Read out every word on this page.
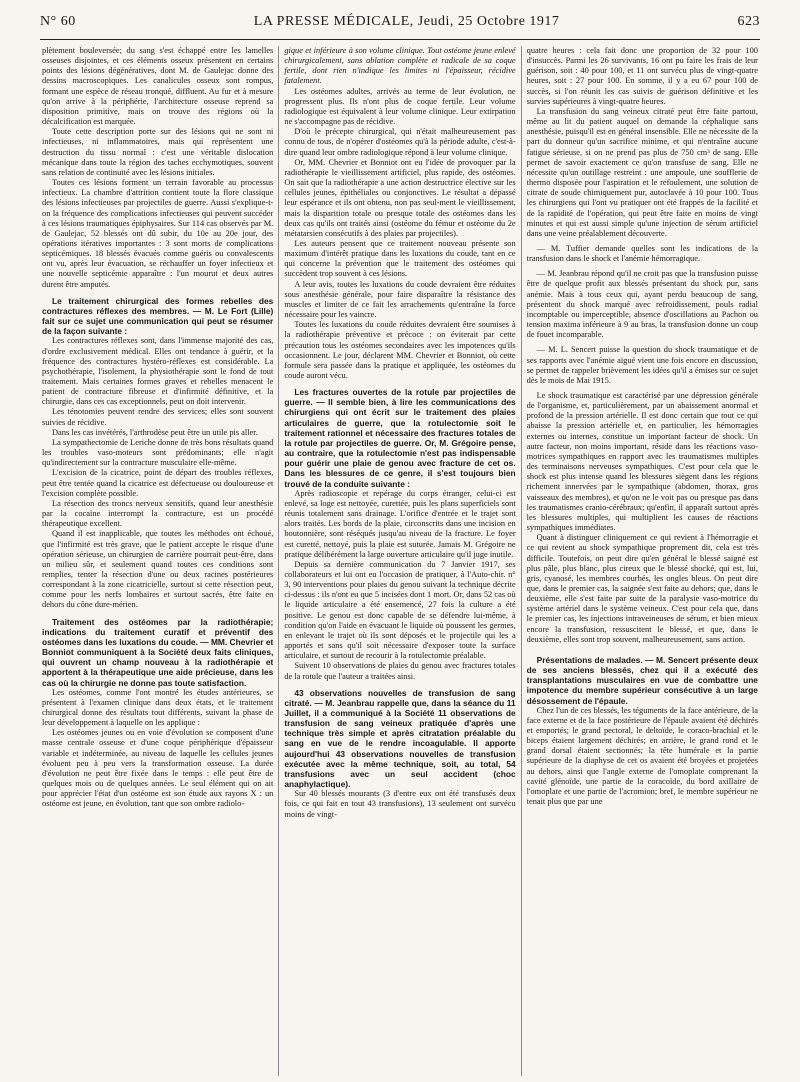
N° 60	LA PRESSE MÉDICALE, Jeudi, 25 Octobre 1917	623

plètement bouleversée; du sang s'est échappé entre les lamelles osseuses disjointes, et ces éléments osseux présentent en certains points des lésions dégénératives, dont M. de Gaulejac donne des dessins macroscopiques. Les canalicules osseux sont rompus, formant une espèce de réseau tronqué, diffluent. Au fur et à mesure qu'on arrive à la périphérie, l'architecture osseuse reprend sa disposition primitive, mais on trouve des régions où la décalcification est marquée.

Toute cette description porte sur des lésions qui ne sont ni infectieuses, ni inflammatoires, mais qui représentent une destruction du tissu normal : c'est une véritable dislocation mécanique dans toute la région des taches ecchymotiques, souvent sans relation de continuité avec les lésions initiales.

Toutes ces lésions forment un terrain favorable au processus infectieux. La chambre d'attrition contient toute la flore classique des lésions infectieuses par projectiles de guerre. Aussi s'explique-t-on la fréquence des complications infectieuses qui peuvent succéder à ces lésions traumatiques épiphysaires. Sur 114 cas observés par M. de Gaulejac, 52 blessés ont dû subir, du 10e au 20e jour, des opérations itératives importantes : 3 sont morts de complications septicémiques. 18 blessés évacués comme guéris ou convalescents ont vu, après leur évacuation, se réchauffer un foyer infectieux et une nouvelle septicémie apparaître : l'un mourut et deux autres durent être amputés.

Le traitement chirurgical des formes rebelles des contractures réflexes des membres. — M. Le Fort (Lille) fait sur ce sujet une communication qui peut se résumer de la façon suivante :

Les contractures réflexes sont, dans l'immense majorité des cas, d'ordre exclusivement médical. Elles ont tendance à guérir, et la fréquence des contractures hystéro-réflexes est considérable. La psychothérapie, l'isolement, la physiothérapie sont le fond de tout traitement. Mais certaines formes graves et rebelles menacent le patient de contracture fibreuse et d'infirmité définitive, et la chirurgie, dans ces cas exceptionnels, peut on doit intervenir.

Les ténotomies peuvent rendre des services; elles sont souvent suivies de récidive.

Dans les cas invétérés, l'arthrodèse peut être un utile pis aller.

La sympathectomie de Leriche donne de très bons résultats quand les troubles vaso-moteurs sont prédominants; elle n'agit qu'indirectement sur la contracture musculaire elle-même.

L'excision de la cicatrice, point de départ des troubles réflexes, peut être tentée quand la cicatrice est défectueuse ou douloureuse et l'excision complète possible.

La résection des troncs nerveux sensitifs, quand leur anesthésie par la cocaïne interrompt la contracture, est un procédé thérapeutique excellent.

Quand il est inapplicable, que toutes les méthodes ont échoué, que l'infirmité est très grave, que le patient accepte le risque d'une opération sérieuse, un chirurgien de carrière pourrait peut-être, dans un milieu sûr, et seulement quand toutes ces conditions sont remplies, tenter la résection d'une ou deux racines postérieures correspondant à la zone cicatricielle, surtout si cette résection peut, comme pour les nerfs lombaires et surtout sacrés, être faite en dehors du cône dure-mérien.

Traitement des ostéomes par la radiothérapie; indications du traitement curatif et préventif des ostéomes dans les luxations du coude. — MM. Chevrier et Bonniot communiquent à la Société deux faits cliniques, qui ouvrent un champ nouveau à la radiothérapie et apportent à la thérapeutique une aide précieuse, dans les cas où la chirurgie ne donne pas toute satisfaction.

Les ostéomes, comme l'ont montré les études antérieures, se présentent à l'examen clinique dans deux états, et le traitement chirurgical donne des résultats tout différents, suivant la phase de leur développement à laquelle on les applique :

Les ostéomes jeunes ou en voie d'évolution se composent d'une masse centrale osseuse et d'une coque périphérique d'épaisseur variable et indéterminée, au niveau de laquelle les cellules jeunes évoluent peu à peu vers la transformation osseuse. La durée d'évolution ne peut être fixée dans le temps : elle peut être de quelques mois ou de quelques années. Le seul élément qui on ait pour apprécier l'état d'un ostéome est son étude aux rayons X : un ostéome est jeune, en évolution, tant que son ombre radiolo-

gique et inférieure à son volume clinique. Tout ostéome jeune enlevé chirurgicalement, sans ablation complète et radicale de sa coque fertile, dont rien n'indique les limites ni l'épaisseur, récidive fatalement.

Les ostéomes adultes, arrivés au terme de leur évolution, ne progressent plus. Ils n'ont plus de coque fertile. Leur volume radiologique est équivalent à leur volume clinique. Leur extirpation ne s'accompagne pas de récidive.

D'où le précepte chirurgical, qui n'était malheureusement pas connu de tous, de n'opérer d'ostéomes qu'à la période adulte, c'est-à-dire quand leur ombre radiologique répond à leur volume clinique.

Or, MM. Chevrier et Bonniot ont eu l'idée de provoquer par la radiothérapie le vieillissement artificiel, plus rapide, des ostéomes. On sait que la radiothérapie a une action destructrice élective sur les cellules jeunes, épithéliales ou conjonctives. Le résultat a dépassé leur espérance et ils ont obtenu, non pas seul-ment le vieillissement, mais la disparition totale ou presque totale des ostéomes dans les deux cas qu'ils ont traités ainsi (ostéome du fémur et ostéome du 2e métatarsien consécutifs à des plaies par projectiles).

Les auteurs pensent que ce traitement nouveau présente son maximum d'intérêt pratique dans les luxations du coude, tant en ce qui concerne la prévention que le traitement des ostéomes qui succèdent trop souvent à ces lésions.

A leur avis, toutes les luxations du coude devraient être réduites sous anesthésie générale, pour faire disparaître la résistance des muscles et limiter de ce fait les arrachements qu'entraîne la force nécessaire pour les vaincre.

Toutes les luxations du coude réduites devraient être soumises à la radiothérapie préventive et précoce : on éviterait par cette précaution tous les ostéomes secondaires avec les impotences qu'ils occasionnent. Le jour, déclarent MM. Chevrier et Bonniot, où cette formule sera passée dans la pratique et appliquée, les ostéomes du coude auront vécu.

Les fractures ouvertes de la rotule par projectiles de guerre. — Il semble bien, à lire les communications des chirurgiens qui ont écrit sur le traitement des plaies articulaires de guerre, que la rotulectomie soit le traitement rationnel et nécessaire des fractures totales de la rotule par projectiles de guerre. Or, M. Grégoire pense, au contraire, que la rotulectomie n'est pas indispensable pour guérir une plaie de genou avec fracture de cet os. Dans les blessures de ce genre, il s'est toujours bien trouvé de la conduite suivante :

Après radioscopie et repérage du corps étranger, celui-ci est enlevé, sa loge est nettoyée, curettée, puis les plans superficiels sont réunis totalement sans drainage. L'orifice d'entrée et le trajet sont alors traités. Les bords de la plaie, circonscrits dans une incision en boutonnière, sont réséqués jusqu'au niveau de la fracture. Le foyer est curetté, nettoyé, puis la plaie est suturée. Jamais M. Grégoire ne pratique délibérément la large ouverture articulaire qu'il juge inutile.

Depuis sa dernière communication du 7 Janvier 1917, ses collaborateurs et lui ont eu l'occasion de pratiquer, à l'Auto-chir. n° 3, 90 interventions pour plaies du genou suivant la technique décrite ci-dessus : ils n'ont eu que 5 incisées dont 1 mort. Or, dans 52 cas où le liquide articulaire a été ensemencé, 27 fois la culture a été positive. Le genou est donc capable de se défendre lui-même, à condition qu'on l'aide en évacuant le liquide où poussent les germes, en enlevant le trajet où ils sont déposés et le projectile qui les a apportés et sans qu'il soit nécessaire d'exposer toute la surface articulaire, et surtout de recourir à la rotulectomie préalable.

Suivent 10 observations de plaies du genou avec fractures totales de la rotule que l'auteur a traitées ainsi.

43 observations nouvelles de transfusion de sang citraté. — M. Jeanbrau rappelle que, dans la séance du 11 Juillet, il a communiqué à la Société 11 observations de transfusion de sang veineux pratiquée d'après une technique très simple et après citratation préalable du sang en vue de le rendre incoagulable. Il apporte aujourd'hui 43 observations nouvelles de transfusion exécutée avec la même technique, soit, au total, 54 transfusions avec un seul accident (choc anaphylactique).

Sur 40 blessés mourants (3 d'entre eux ont été transfusés deux fois, ce qui fait en tout 43 transfusions), 13 seulement ont survécu moins de vingt-

quatre heures : cela fait donc une proportion de 32 pour 100 d'insuccès. Parmi les 26 survivants, 16 ont pu faire les frais de leur guérison, soit : 40 pour 100, et 11 ont survécu plus de vingt-quatre heures, soit : 27 pour 100. En somme, il y a eu 67 pour 100 de succès, si l'on réunit les cas suivis de guérison définitive et les survies supérieures à vingt-quatre heures.

La transfusion du sang veineux citraté peut être faite partout, même au lit du patient auquel on demande la céphalique sans anesthésie, puisqu'il est en général insensible. Elle ne nécessite de la part du donneur qu'un sacrifice minime, et qui n'entraîne aucune fatigue sérieuse, si on ne prend pas plus de 750 cm³ de sang. Elle permet de savoir exactement ce qu'on transfuse de sang. Elle ne nécessite qu'un outillage restreint : une ampoule, une soufflerie de thermo disposée pour l'aspiration et le refoulement, une solution de citrate de soude chimiquement pur, autoclavée à 10 pour 100. Tous les chirurgiens qui l'ont vu pratiquer ont été frappés de la facilité et de la rapidité de l'opération, qui peut être faite en moins de vingt minutes et qui est aussi simple qu'une injection de sérum artificiel dans une veine préalablement découverte.

— M. Tuffier demande quelles sont les indications de la transfusion dans le shock et l'anémie hémorragique.

— M. Jeanbrau répond qu'il ne croit pas que la transfusion puisse être de quelque profit aux blessés présentant du shock pur, sans anémie. Mais à tous ceux qui, ayant perdu beaucoup de sang, présentent du shock marqué avec refroidissement, pouls radial incomptable ou imperceptible, absence d'oscillations au Pachon ou tension maxima inférieure à 9 au bras, la transfusion donne un coup de fouet incomparable.

— M. L. Sencert puisse la question du shock traumatique et de ses rapports avec l'anémie aigué vient une fois encore en discussion, se permet de rappeler brièvement les idées qu'il a émises sur ce sujet dès le mois de Mai 1915.

Le shock traumatique est caractérisé par une dépression générale de l'organisme, et, particulièrement, par un abaissement anormal et profond de la pression artérielle. Il est donc certain que tout ce qui abaisse la pression artérielle et, en particulier, les hémorragies externes ou internes, constitue un important facteur de shock. Un autre facteur, non moins important, réside dans les réactions vaso-motrices sympathiques en rapport avec les traumatismes multiples des terminaisons nerveuses sympathiques. C'est pour cela que le shock est plus intense quand les blessures siègent dans les régions richement innervées par le sympathique (abdomen, thorax, gros vaisseaux des membres), et qu'on ne le voit pas ou presque pas dans les traumatismes cranio-cérébraux; qu'enfin, il apparaît surtout après les blessures multiples, qui multiplient les causes de réactions sympathiques immédiates.

Quant à distinguer cliniquement ce qui revient à l'hémorragie et ce qui revient au shock sympathique proprement dit, cela est très difficile. Toutefois, on peut dire qu'en général le blessé saigné est plus pâle, plus blanc, plus cireux que le blessé shocké, qui est, lui, gris, cyanosé, les membres courbés, les ongles bleus. On peut dire que, dans le premier cas, la saignée s'est faite au dehors; que, dans le deuxième, elle s'est faite par suite de la paralysie vaso-motrice du système artériel dans le système veineux. C'est pour cela que, dans le premier cas, les injections intraveineuses de sérum, et bien mieux encore la transfusion, ressuscitent le blessé, et que, dans le deuxième, elles sont trop souvent, malheureusement, sans action.

Présentations de malades. — M. Sencert présente deux de ses anciens blessés, chez qui il a exécuté des transplantations musculaires en vue de combattre une impotence du membre supérieur consécutive à un large désossement de l'épaule.

Chez l'un de ces blessés, les téguments de la face antérieure, de la face externe et de la face postérieure de l'épaule avaient été déchirés et emportés; le grand pectoral, le deltoïde, le coraco-brachial et le biceps étaient largement déchirés; en arrière, le grand rond et le grand dorsal étaient sectionnés; la tête humérale et la partie supérieure de la diaphyse de cet os avaient été broyées et projetées au dehors, ainsi que l'angle externe de l'omoplate comprenant la cavité glénoïde, une partie de la coracoïde, du bord axillaire de l'omoplate et une partie de l'acromion; bref, le membre supérieur ne tenait plus que par une
